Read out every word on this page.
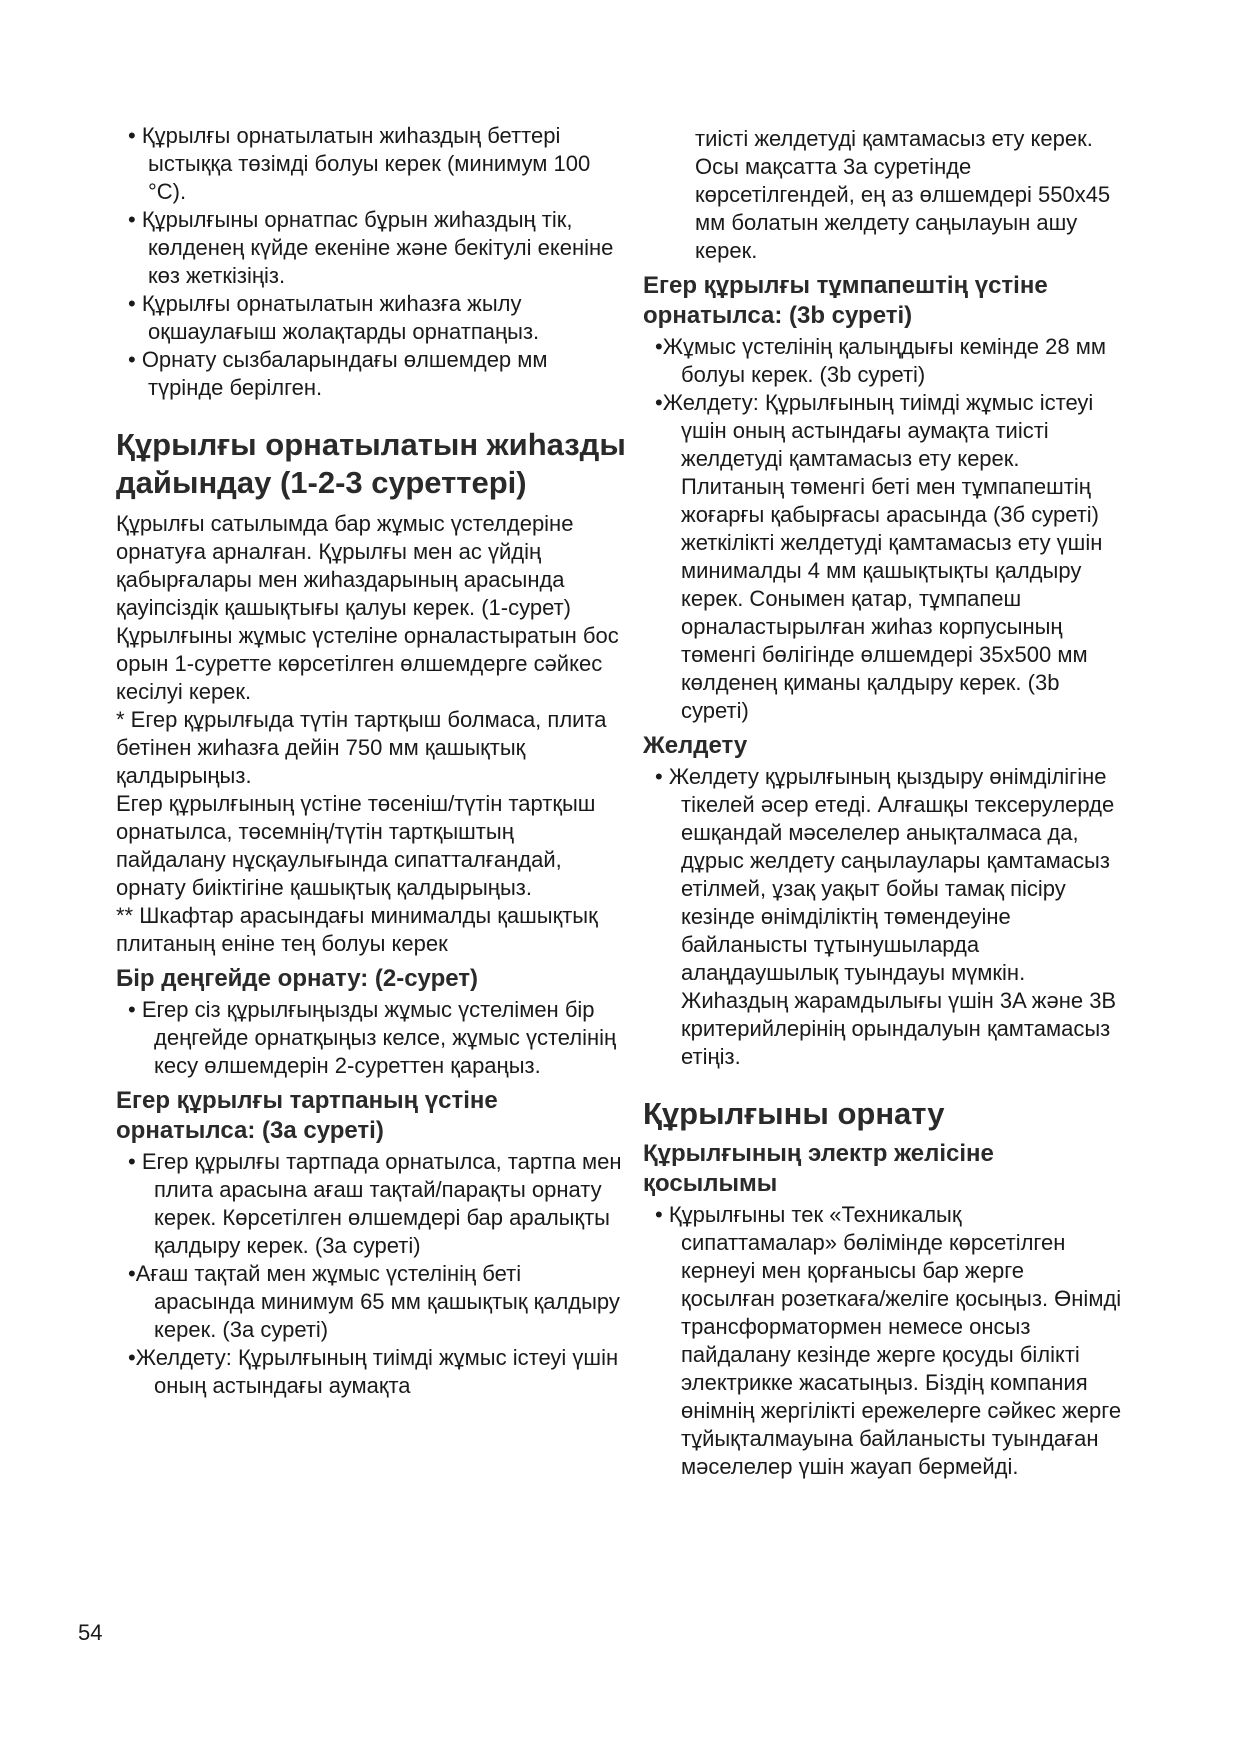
• Құрылғы орнатылатын жиһаздың беттері ыстыққа төзімді болуы керек (минимум 100 °C).

• Құрылғыны орнатпас бұрын жиһаздың тік, көлденең күйде екеніне және бекітулі екеніне көз жеткізіңіз.

• Құрылғы орнатылатын жиһазға жылу оқшаулағыш жолақтарды орнатпаңыз.

• Орнату сызбаларындағы өлшемдер мм түрінде берілген.

Құрылғы орнатылатын жиһазды дайындау (1-2-3 суреттері)

Құрылғы сатылымда бар жұмыс үстелдеріне орнатуға арналған. Құрылғы мен ас үйдің қабырғалары мен жиһаздарының арасында қауіпсіздік қашықтығы қалуы керек. (1-сурет) Құрылғыны жұмыс үстеліне орналастыратын бос орын 1-суретте көрсетілген өлшемдерге сәйкес кесілуі керек.

* Егер құрылғыда түтін тартқыш болмаса, плита бетінен жиһазға дейін 750 мм қашықтық қалдырыңыз.

Егер құрылғының үстіне төсеніш/түтін тартқыш орнатылса, төсемнің/түтін тартқыштың пайдалану нұсқаулығында сипатталғандай, орнату биіктігіне қашықтық қалдырыңыз.

** Шкафтар арасындағы минималды қашықтық плитаның еніне тең болуы керек

Бір деңгейде орнату: (2-сурет)

• Егер сіз құрылғыңызды жұмыс үстелімен бір деңгейде орнатқыңыз келсе, жұмыс үстелінің кесу өлшемдерін 2-суреттен қараңыз.

Егер құрылғы тартпаның үстіне орнатылса: (3a суреті)

• Егер құрылғы тартпада орнатылса, тартпа мен плита арасына ағаш тақтай/парақты орнату керек. Көрсетілген өлшемдері бар аралықты қалдыру керек. (3a суреті)

•Ағаш тақтай мен жұмыс үстелінің беті арасында минимум 65 мм қашықтық қалдыру керек. (3a суреті)

•Желдету: Құрылғының тиімді жұмыс істеуі үшін оның астындағы аумақта

тиісті желдетуді қамтамасыз ету керек. Осы мақсатта 3a суретінде көрсетілгендей, ең аз өлшемдері 550x45 мм болатын желдету саңылауын ашу керек.

Егер құрылғы тұмпапештің үстіне орнатылса: (3b суреті)

•Жұмыс үстелінің қалыңдығы кемінде 28 мм болуы керек. (3b суреті)

•Желдету: Құрылғының тиімді жұмыс істеуі үшін оның астындағы аумақта тиісті желдетуді қамтамасыз ету керек. Плитаның төменгі беті мен тұмпапештің жоғарғы қабырғасы арасында (3б суреті) жеткілікті желдетуді қамтамасыз ету үшін минималды 4 мм қашықтықты қалдыру керек. Сонымен қатар, тұмпапеш орналастырылған жиһаз корпусының төменгі бөлігінде өлшемдері 35x500 мм көлденең қиманы қалдыру керек. (3b суреті)

Желдету

• Желдету құрылғының қыздыру өнімділігіне тікелей әсер етеді. Алғашқы тексерулерде ешқандай мәселелер анықталмаса да, дұрыс желдету саңылаулары қамтамасыз етілмей, ұзақ уақыт бойы тамақ пісіру кезінде өнімділіктің төмендеуіне байланысты тұтынушыларда алаңдаушылық туындауы мүмкін. Жиһаздың жарамдылығы үшін 3A және 3B критерийлерінің орындалуын қамтамасыз етіңіз.

Құрылғыны орнату
Құрылғының электр желісіне қосылымы

• Құрылғыны тек «Техникалық сипаттамалар» бөлімінде көрсетілген кернеуі мен қорғанысы бар жерге қосылған розеткаға/желіге қосыңыз. Өнімді трансформатормен немесе онсыз пайдалану кезінде жерге қосуды білікті электрикке жасатыңыз. Біздің компания өнімнің жергілікті ережелерге сәйкес жерге тұйықталмауына байланысты туындаған мәселелер үшін жауап бермейді.

54
